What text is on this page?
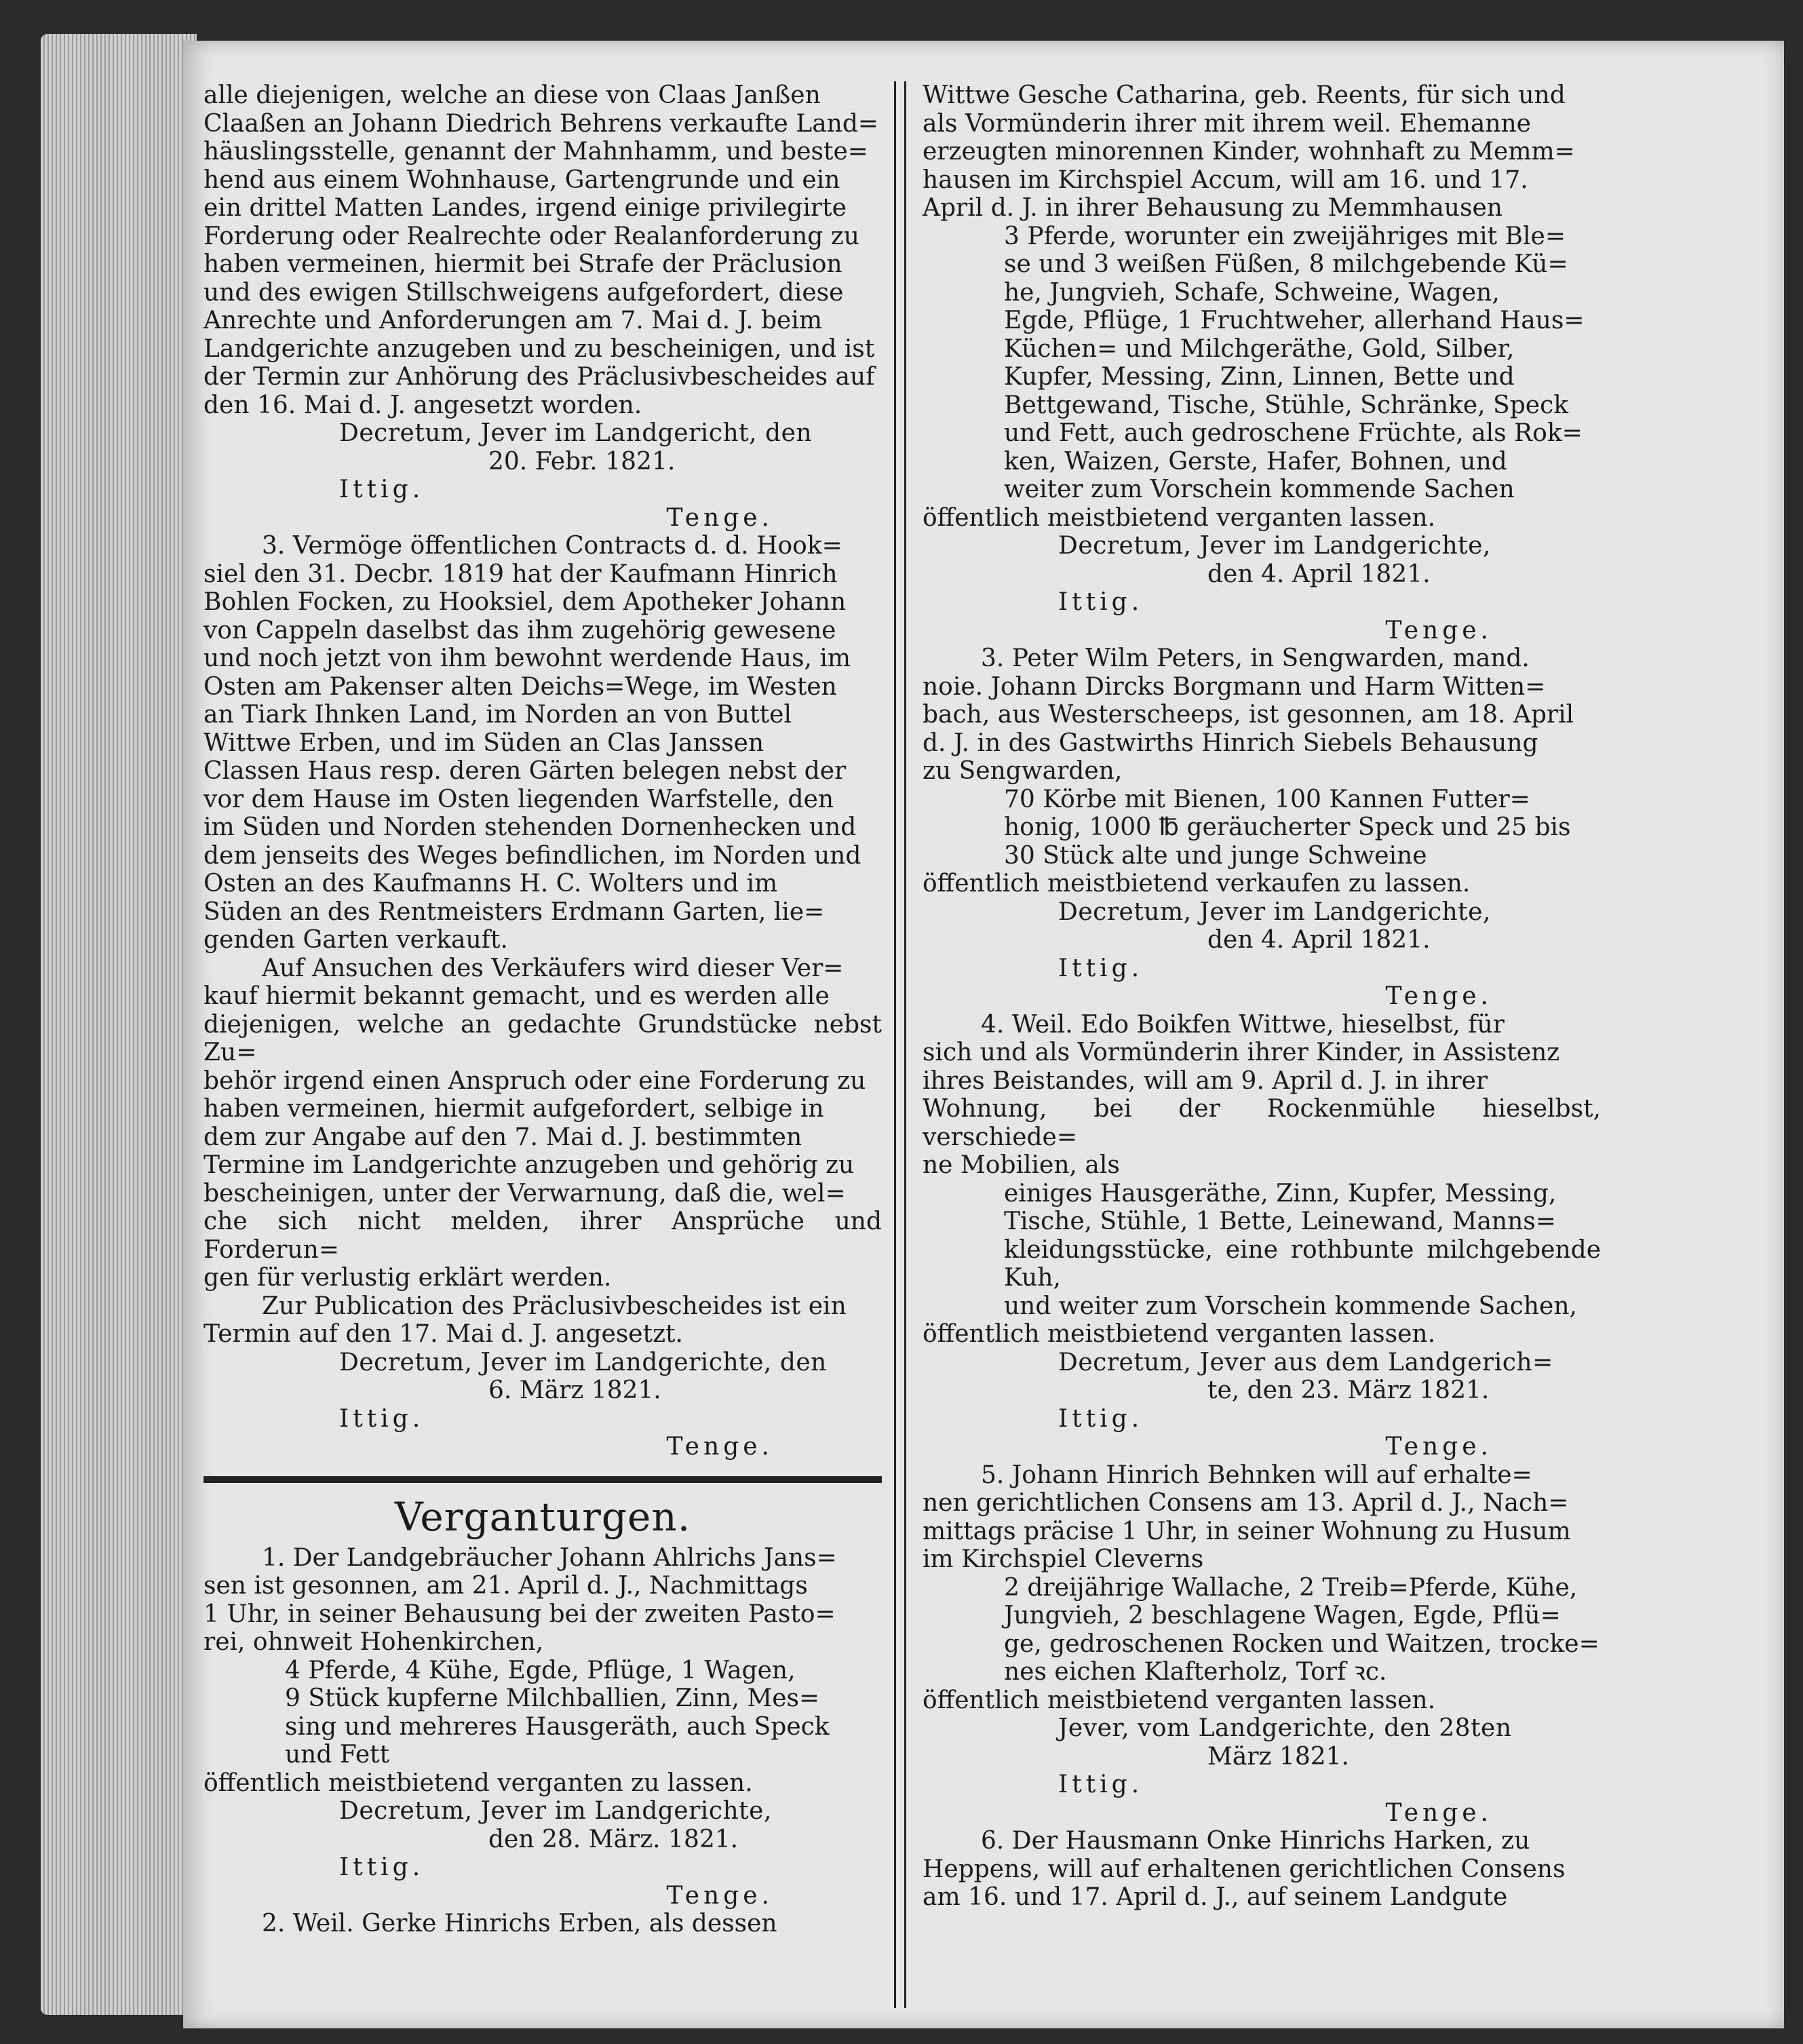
alle diejenigen, welche an diese von Claas Janßen

Claaßen an Johann Diedrich Behrens verkaufte Land=

häuslingsstelle, genannt der Mahnhamm, und beste=

hend aus einem Wohnhause, Gartengrunde und ein

ein drittel Matten Landes, irgend einige privilegirte

Forderung oder Realrechte oder Realanforderung zu

haben vermeinen, hiermit bei Strafe der Präclusion

und des ewigen Stillschweigens aufgefordert, diese

Anrechte und Anforderungen am 7. Mai d. J. beim

Landgerichte anzugeben und zu bescheinigen, und ist

der Termin zur Anhörung des Präclusivbescheides auf

den 16. Mai d. J. angesetzt worden.

Decretum, Jever im Landgericht, den

20. Febr. 1821.

Ittig.

Tenge.

3. Vermöge öffentlichen Contracts d. d. Hook=

siel den 31. Decbr. 1819 hat der Kaufmann Hinrich

Bohlen Focken, zu Hooksiel, dem Apotheker Johann

von Cappeln daselbst das ihm zugehörig gewesene

und noch jetzt von ihm bewohnt werdende Haus, im

Osten am Pakenser alten Deichs=Wege, im Westen

an Tiark Ihnken Land, im Norden an von Buttel

Wittwe Erben, und im Süden an Clas Janssen

Classen Haus resp. deren Gärten belegen nebst der

vor dem Hause im Osten liegenden Warfstelle, den

im Süden und Norden stehenden Dornenhecken und

dem jenseits des Weges befindlichen, im Norden und

Osten an des Kaufmanns H. C. Wolters und im

Süden an des Rentmeisters Erdmann Garten, lie=

genden Garten verkauft.

Auf Ansuchen des Verkäufers wird dieser Ver=

kauf hiermit bekannt gemacht, und es werden alle

diejenigen, welche an gedachte Grundstücke nebst Zu=

behör irgend einen Anspruch oder eine Forderung zu

haben vermeinen, hiermit aufgefordert, selbige in

dem zur Angabe auf den 7. Mai d. J. bestimmten

Termine im Landgerichte anzugeben und gehörig zu

bescheinigen, unter der Verwarnung, daß die, wel=

che sich nicht melden, ihrer Ansprüche und Forderun=

gen für verlustig erklärt werden.

Zur Publication des Präclusivbescheides ist ein

Termin auf den 17. Mai d. J. angesetzt.

Decretum, Jever im Landgerichte, den

6. März 1821.

Ittig.

Tenge.

Verganturgen.

1. Der Landgebräucher Johann Ahlrichs Jans=

sen ist gesonnen, am 21. April d. J., Nachmittags

1 Uhr, in seiner Behausung bei der zweiten Pasto=

rei, ohnweit Hohenkirchen,

4 Pferde, 4 Kühe, Egde, Pflüge, 1 Wagen,

9 Stück kupferne Milchballien, Zinn, Mes=

sing und mehreres Hausgeräth, auch Speck

und Fett

öffentlich meistbietend verganten zu lassen.

Decretum, Jever im Landgerichte,

den 28. März. 1821.

Ittig.

Tenge.

2. Weil. Gerke Hinrichs Erben, als dessen

Wittwe Gesche Catharina, geb. Reents, für sich und

als Vormünderin ihrer mit ihrem weil. Ehemanne

erzeugten minorennen Kinder, wohnhaft zu Memm=

hausen im Kirchspiel Accum, will am 16. und 17.

April d. J. in ihrer Behausung zu Memmhausen

3 Pferde, worunter ein zweijähriges mit Ble=

se und 3 weißen Füßen, 8 milchgebende Kü=

he, Jungvieh, Schafe, Schweine, Wagen,

Egde, Pflüge, 1 Fruchtweher, allerhand Haus=

Küchen= und Milchgeräthe, Gold, Silber,

Kupfer, Messing, Zinn, Linnen, Bette und

Bettgewand, Tische, Stühle, Schränke, Speck

und Fett, auch gedroschene Früchte, als Rok=

ken, Waizen, Gerste, Hafer, Bohnen, und

weiter zum Vorschein kommende Sachen

öffentlich meistbietend verganten lassen.

Decretum, Jever im Landgerichte,

den 4. April 1821.

Ittig.

Tenge.

3. Peter Wilm Peters, in Sengwarden, mand.

noie. Johann Dircks Borgmann und Harm Witten=

bach, aus Westerscheeps, ist gesonnen, am 18. April

d. J. in des Gastwirths Hinrich Siebels Behausung

zu Sengwarden,

70 Körbe mit Bienen, 100 Kannen Futter=

honig, 1000 ℔ geräucherter Speck und 25 bis

30 Stück alte und junge Schweine

öffentlich meistbietend verkaufen zu lassen.

Decretum, Jever im Landgerichte,

den 4. April 1821.

Ittig.

Tenge.

4. Weil. Edo Boikfen Wittwe, hieselbst, für

sich und als Vormünderin ihrer Kinder, in Assistenz

ihres Beistandes, will am 9. April d. J. in ihrer

Wohnung, bei der Rockenmühle hieselbst, verschiede=

ne Mobilien, als

einiges Hausgeräthe, Zinn, Kupfer, Messing,

Tische, Stühle, 1 Bette, Leinewand, Manns=

kleidungsstücke, eine rothbunte milchgebende Kuh,

und weiter zum Vorschein kommende Sachen,

öffentlich meistbietend verganten lassen.

Decretum, Jever aus dem Landgerich=

te, den 23. März 1821.

Ittig.

Tenge.

5. Johann Hinrich Behnken will auf erhalte=

nen gerichtlichen Consens am 13. April d. J., Nach=

mittags präcise 1 Uhr, in seiner Wohnung zu Husum

im Kirchspiel Cleverns

2 dreijährige Wallache, 2 Treib=Pferde, Kühe,

Jungvieh, 2 beschlagene Wagen, Egde, Pflü=

ge, gedroschenen Rocken und Waitzen, trocke=

nes eichen Klafterholz, Torf ꝛc.

öffentlich meistbietend verganten lassen.

Jever, vom Landgerichte, den 28ten

März 1821.

Ittig.

Tenge.

6. Der Hausmann Onke Hinrichs Harken, zu

Heppens, will auf erhaltenen gerichtlichen Consens

am 16. und 17. April d. J., auf seinem Landgute
